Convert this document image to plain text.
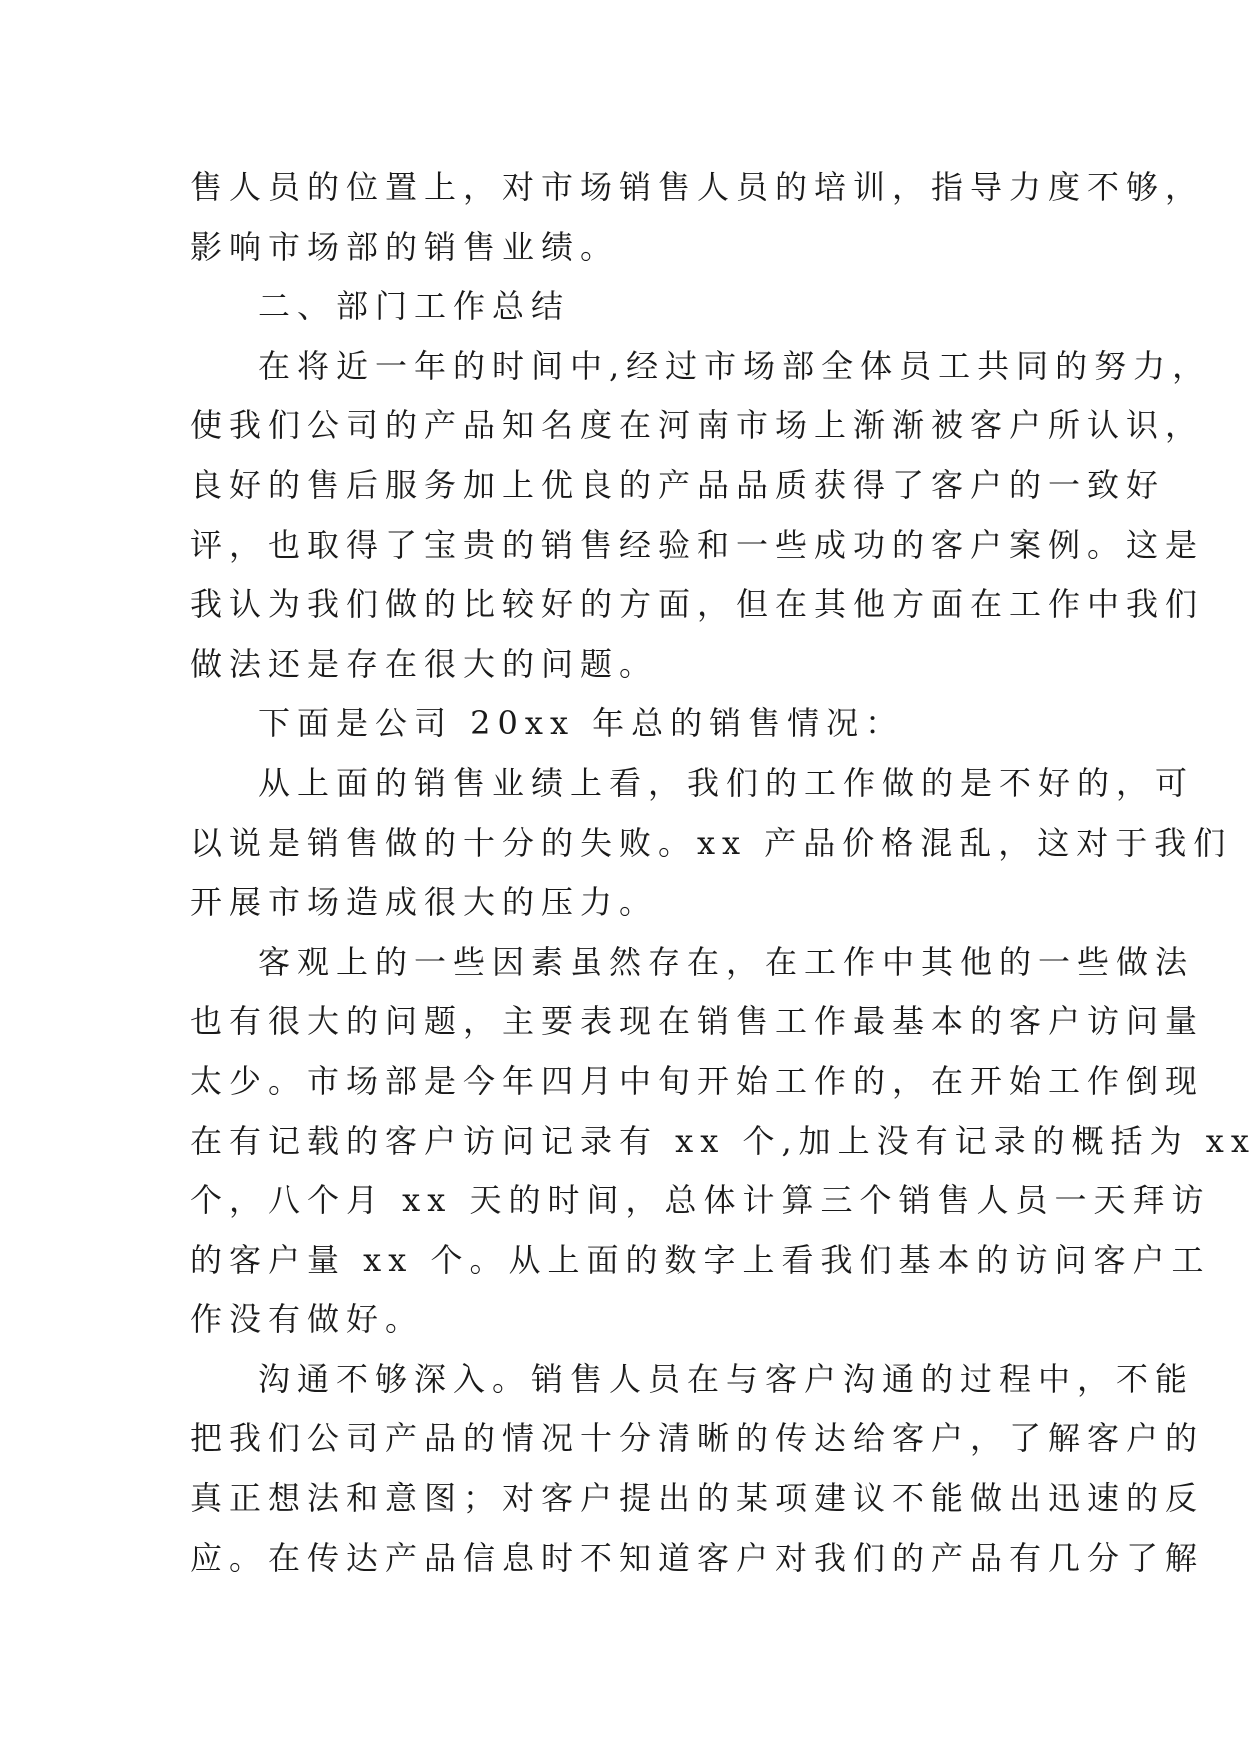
售人员的位置上，对市场销售人员的培训，指导力度不够，
影响市场部的销售业绩。
二、部门工作总结
在将近一年的时间中,经过市场部全体员工共同的努力，
使我们公司的产品知名度在河南市场上渐渐被客户所认识，
良好的售后服务加上优良的产品品质获得了客户的一致好
评，也取得了宝贵的销售经验和一些成功的客户案例。这是
我认为我们做的比较好的方面，但在其他方面在工作中我们
做法还是存在很大的问题。
下面是公司 20xx 年总的销售情况：
从上面的销售业绩上看，我们的工作做的是不好的，可
以说是销售做的十分的失败。xx 产品价格混乱，这对于我们
开展市场造成很大的压力。
客观上的一些因素虽然存在，在工作中其他的一些做法
也有很大的问题，主要表现在销售工作最基本的客户访问量
太少。市场部是今年四月中旬开始工作的，在开始工作倒现
在有记载的客户访问记录有 xx 个,加上没有记录的概括为 xx
个，八个月 xx 天的时间，总体计算三个销售人员一天拜访
的客户量 xx 个。从上面的数字上看我们基本的访问客户工
作没有做好。
沟通不够深入。销售人员在与客户沟通的过程中，不能
把我们公司产品的情况十分清晰的传达给客户，了解客户的
真正想法和意图；对客户提出的某项建议不能做出迅速的反
应。在传达产品信息时不知道客户对我们的产品有几分了解
